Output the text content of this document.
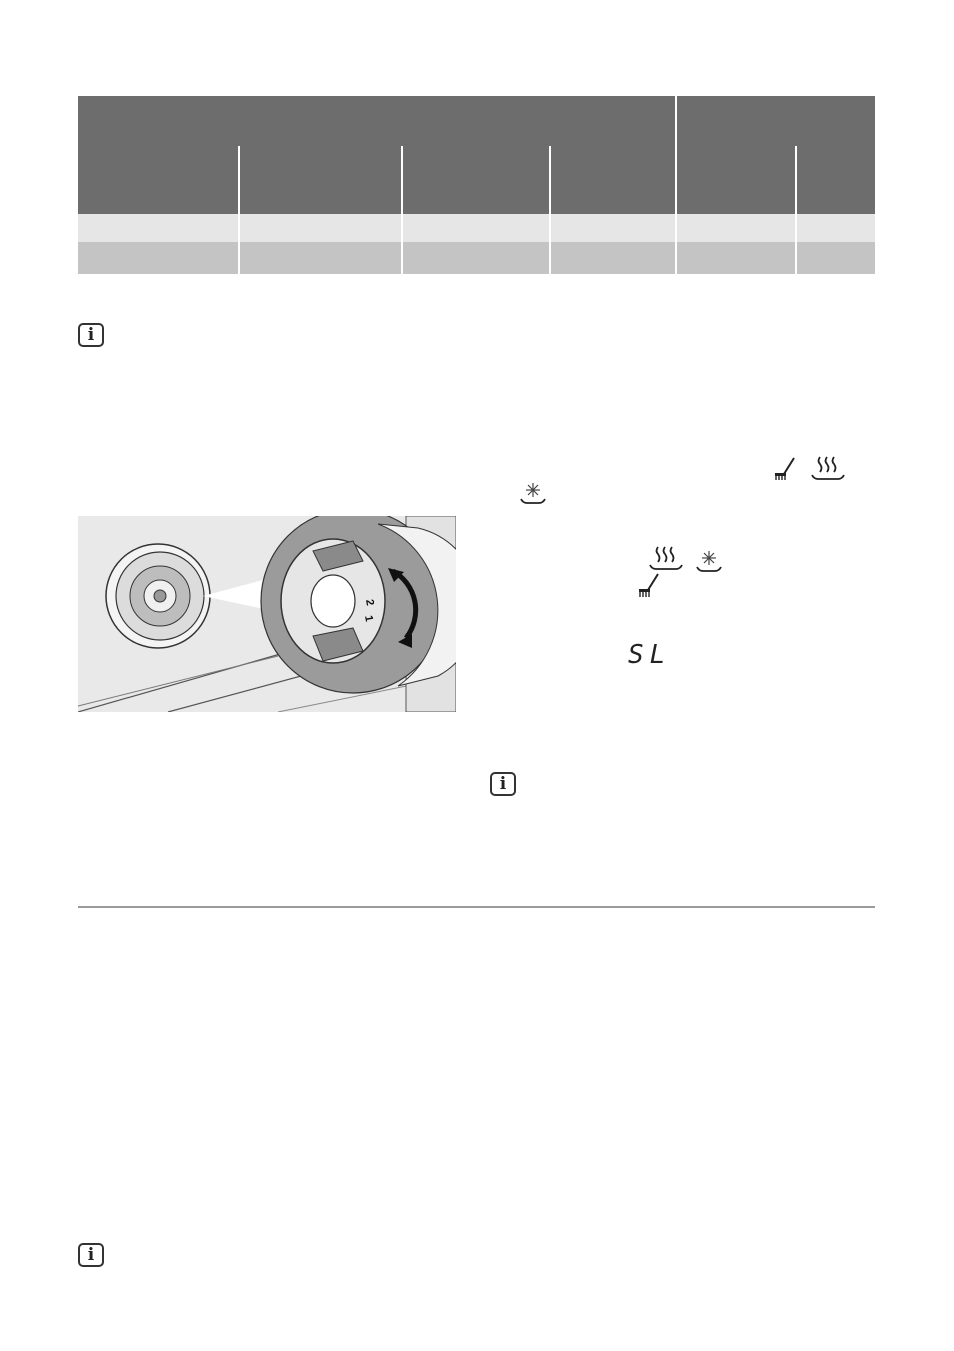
i
i
i
SL
2
1
